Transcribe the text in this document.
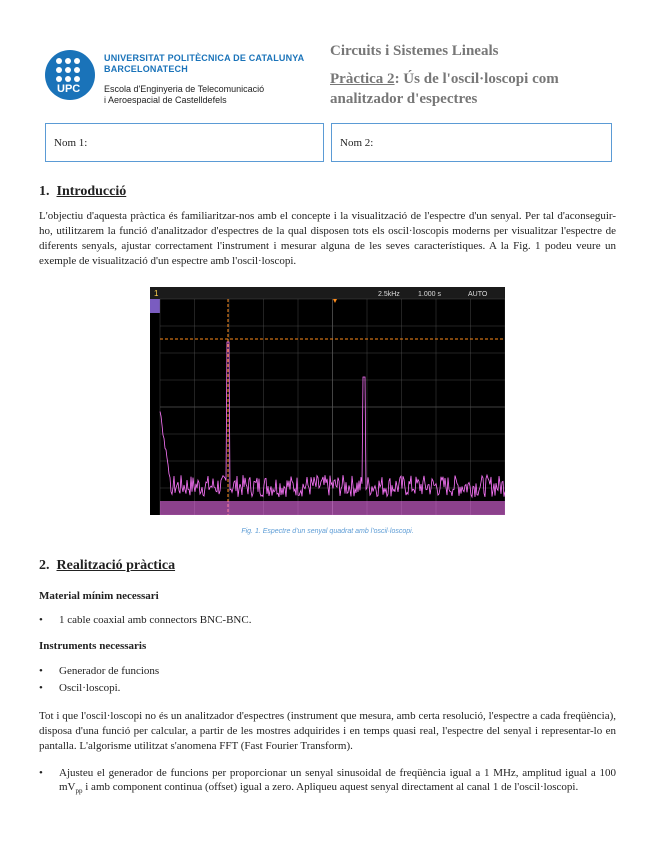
UPC
UNIVERSITAT POLITÈCNICA DE CATALUNYA
BARCELONATECH
Escola d'Enginyeria de Telecomunicació
i Aeroespacial de Castelldefels
Circuits i Sistemes Lineals
Pràctica 2: Ús de l'oscil·loscopi com
analitzador d'espectres
Nom 1:	Nom 2:
1. Introducció
L'objectiu d'aquesta pràctica és familiaritzar-nos amb el concepte i la visualització de l'espectre d'un senyal. Per tal d'aconseguir-ho, utilitzarem la funció d'analitzador d'espectres de la qual disposen tots els oscil·loscopis moderns per visualitzar l'espectre de diferents senyals, ajustar correctament l'instrument i mesurar alguna de les seves característiques. A la Fig. 1 podeu veure un exemple de visualització d'un espectre amb l'oscil·loscopi.
1	2.5kHz	1.000 s	AUTO
Fig. 1. Espectre d'un senyal quadrat amb l'oscil·loscopi.
2. Realització pràctica
Material mínim necessari
• 1 cable coaxial amb connectors BNC-BNC.
Instruments necessaris
• Generador de funcions
• Oscil·loscopi.
Tot i que l'oscil·loscopi no és un analitzador d'espectres (instrument que mesura, amb certa resolució, l'espectre a cada freqüència), disposa d'una funció per calcular, a partir de les mostres adquirides i en temps quasi real, l'espectre del senyal i representar-lo en pantalla. L'algorisme utilitzat s'anomena FFT (Fast Fourier Transform).
• Ajusteu el generador de funcions per proporcionar un senyal sinusoidal de freqüència igual a 1 MHz, amplitud igual a 100 $mV_{pp}$ i amb component continua (offset) igual a zero. Apliqueu aquest senyal directament al canal 1 de l'oscil·loscopi.
